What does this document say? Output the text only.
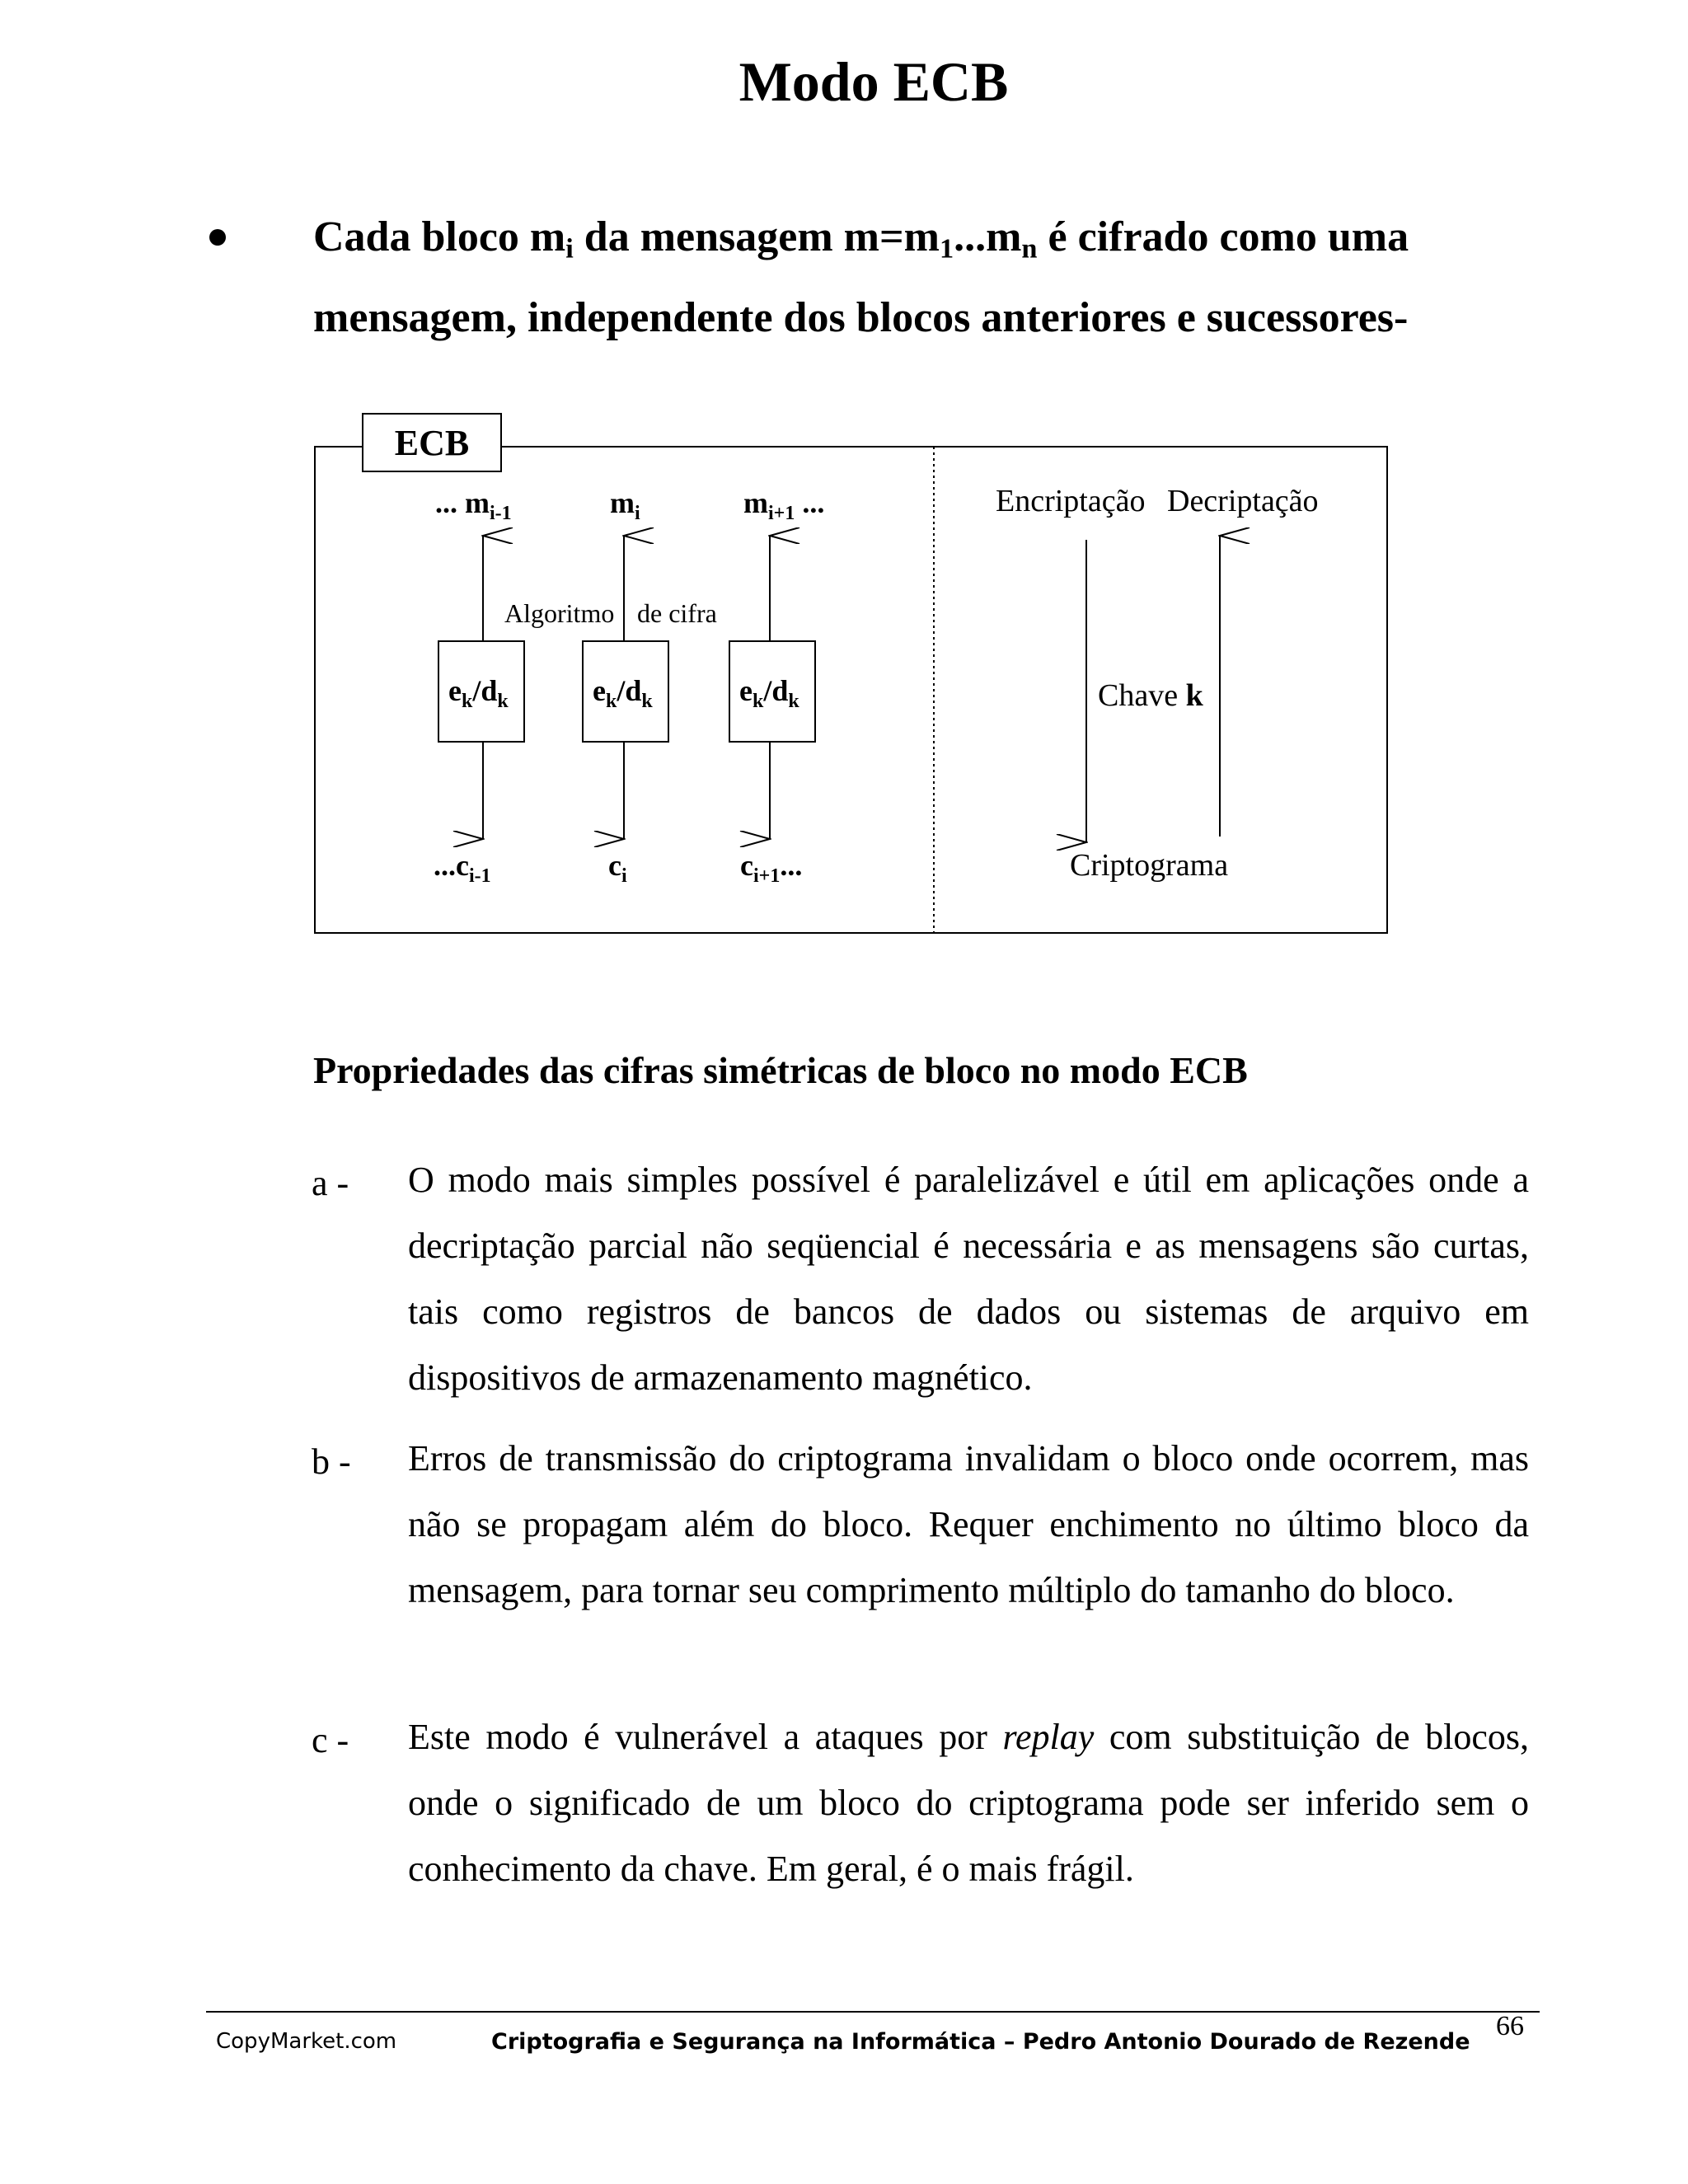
Modo ECB
Cada bloco $m_i$ da mensagem $m=m_1...m_n$ é cifrado como uma
mensagem, independente dos blocos anteriores e sucessores-
ECB
... $m_{i-1}$	$m_i$	$m_{i+1}$ ...
Algoritmo de cifra
$e_k/d_k$	$e_k/d_k$	$e_k/d_k$
$...c_{i-1}$	$c_i$	$c_{i+1}$...
Encriptação Decriptação
Chave k
Criptograma
Propriedades das cifras simétricas de bloco no modo ECB
a - O modo mais simples possível é paralelizável e útil em aplicações onde a decriptação parcial não seqüencial é necessária e as mensagens são curtas, tais como registros de bancos de dados ou sistemas de arquivo em dispositivos de armazenamento magnético.
b - Erros de transmissão do criptograma invalidam o bloco onde ocorrem, mas não se propagam além do bloco. Requer enchimento no último bloco da mensagem, para tornar seu comprimento múltiplo do tamanho do bloco.
c - Este modo é vulnerável a ataques por replay com substituição de blocos, onde o significado de um bloco do criptograma pode ser inferido sem o conhecimento da chave. Em geral, é o mais frágil.
66
CopyMarket.com	Criptografia e Segurança na Informática – Pedro Antonio Dourado de Rezende
